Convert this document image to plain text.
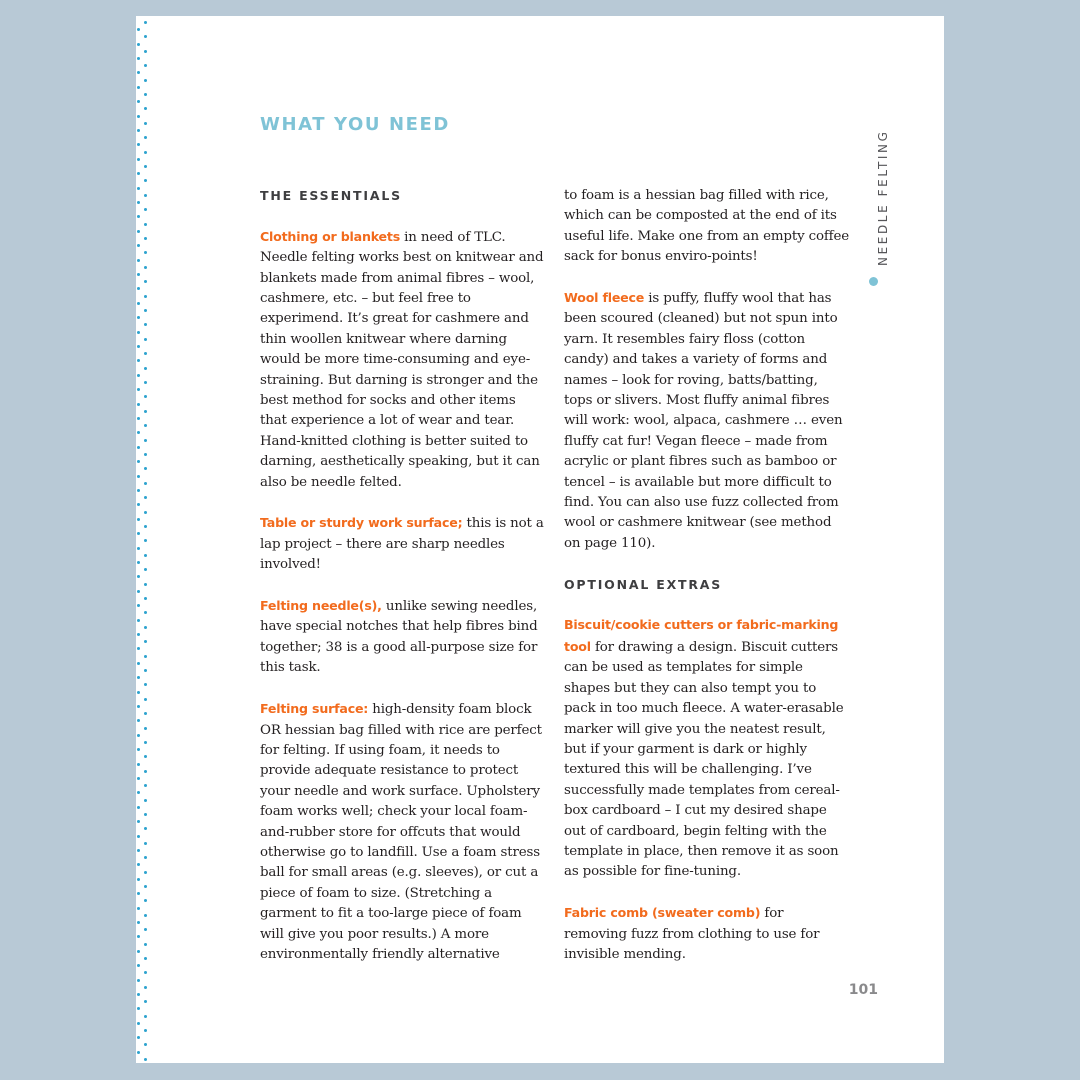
WHAT YOU NEED
NEEDLE FELTING
THE ESSENTIALS

Clothing or blankets in need of TLC. Needle felting works best on knitwear and blankets made from animal fibres – wool, cashmere, etc. – but feel free to experimend. It’s great for cashmere and thin woollen knitwear where darning would be more time-consuming and eye-straining. But darning is stronger and the best method for socks and other items that experience a lot of wear and tear. Hand-knitted clothing is better suited to darning, aesthetically speaking, but it can also be needle felted.

Table or sturdy work surface; this is not a lap project – there are sharp needles involved!

Felting needle(s), unlike sewing needles, have special notches that help fibres bind together; 38 is a good all-purpose size for this task.

Felting surface: high-density foam block OR hessian bag filled with rice are perfect for felting. If using foam, it needs to provide adequate resistance to protect your needle and work surface. Upholstery foam works well; check your local foam-and-rubber store for offcuts that would otherwise go to landfill. Use a foam stress ball for small areas (e.g. sleeves), or cut a piece of foam to size. (Stretching a garment to fit a too-large piece of foam will give you poor results.) A more environmentally friendly alternative

to foam is a hessian bag filled with rice, which can be composted at the end of its useful life. Make one from an empty coffee sack for bonus enviro-points!

Wool fleece is puffy, fluffy wool that has been scoured (cleaned) but not spun into yarn. It resembles fairy floss (cotton candy) and takes a variety of forms and names – look for roving, batts/batting, tops or slivers. Most fluffy animal fibres will work: wool, alpaca, cashmere … even fluffy cat fur! Vegan fleece – made from acrylic or plant fibres such as bamboo or tencel – is available but more difficult to find. You can also use fuzz collected from wool or cashmere knitwear (see method on page 110).

OPTIONAL EXTRAS

Biscuit/cookie cutters or fabric-marking tool for drawing a design. Biscuit cutters can be used as templates for simple shapes but they can also tempt you to pack in too much fleece. A water-erasable marker will give you the neatest result, but if your garment is dark or highly textured this will be challenging. I’ve successfully made templates from cereal-box cardboard – I cut my desired shape out of cardboard, begin felting with the template in place, then remove it as soon as possible for fine-tuning.

Fabric comb (sweater comb) for removing fuzz from clothing to use for invisible mending.

101
